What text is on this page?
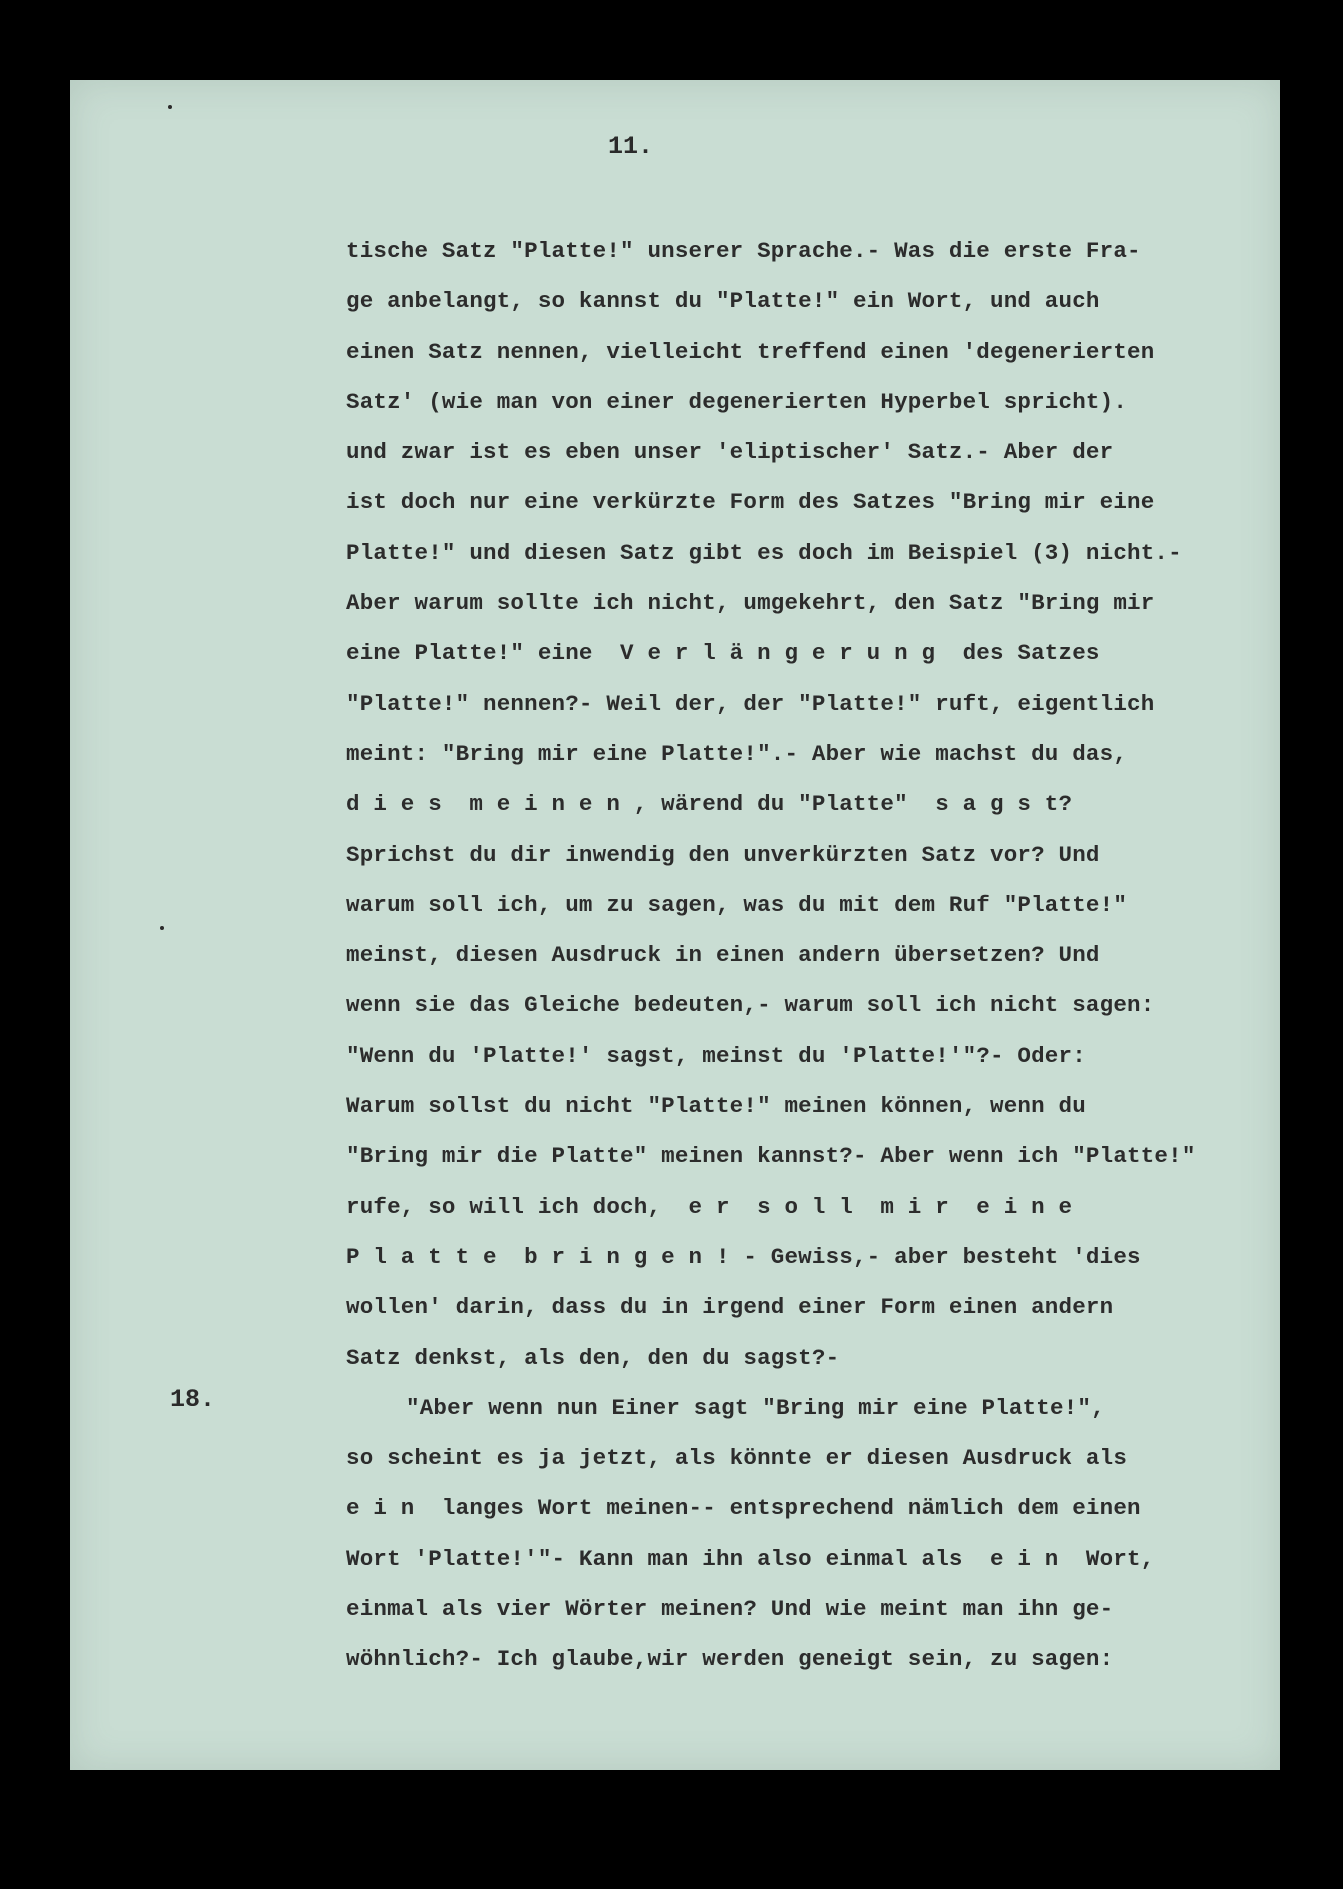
11.
18.
tische Satz "Platte!" unserer Sprache.- Was die erste Fra-
ge anbelangt, so kannst du "Platte!" ein Wort, und auch
einen Satz nennen, vielleicht treffend einen 'degenerierten
Satz' (wie man von einer degenerierten Hyperbel spricht).
und zwar ist es eben unser 'eliptischer' Satz.- Aber der
ist doch nur eine verkürzte Form des Satzes "Bring mir eine
Platte!" und diesen Satz gibt es doch im Beispiel (3) nicht.-
Aber warum sollte ich nicht, umgekehrt, den Satz "Bring mir
eine Platte!" eine  V e r l ä n g e r u n g  des Satzes
"Platte!" nennen?- Weil der, der "Platte!" ruft, eigentlich
meint: "Bring mir eine Platte!".- Aber wie machst du das,
d i e s  m e i n e n , wärend du "Platte"  s a g s t?
Sprichst du dir inwendig den unverkürzten Satz vor? Und
warum soll ich, um zu sagen, was du mit dem Ruf "Platte!"
meinst, diesen Ausdruck in einen andern übersetzen? Und
wenn sie das Gleiche bedeuten,- warum soll ich nicht sagen:
"Wenn du 'Platte!' sagst, meinst du 'Platte!'"?- Oder:
Warum sollst du nicht "Platte!" meinen können, wenn du
"Bring mir die Platte" meinen kannst?- Aber wenn ich "Platte!"
rufe, so will ich doch,  e r  s o l l  m i r  e i n e
P l a t t e  b r i n g e n ! - Gewiss,- aber besteht 'dies
wollen' darin, dass du in irgend einer Form einen andern
Satz denkst, als den, den du sagst?-
"Aber wenn nun Einer sagt "Bring mir eine Platte!",
so scheint es ja jetzt, als könnte er diesen Ausdruck als
e i n  langes Wort meinen-- entsprechend nämlich dem einen
Wort 'Platte!'"- Kann man ihn also einmal als  e i n  Wort,
einmal als vier Wörter meinen? Und wie meint man ihn ge-
wöhnlich?- Ich glaube,wir werden geneigt sein, zu sagen:
